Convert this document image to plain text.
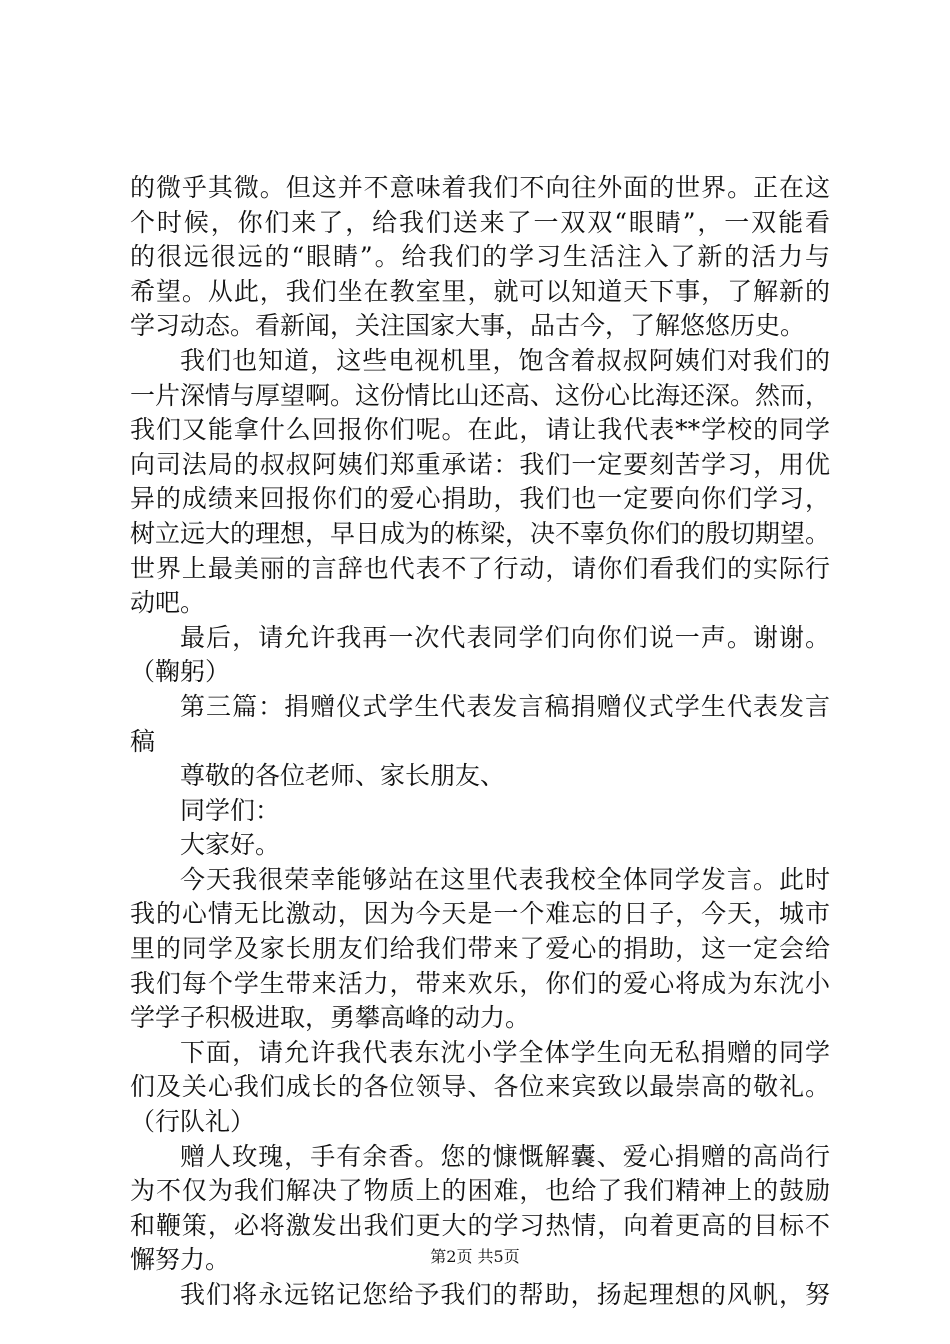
的微乎其微。但这并不意味着我们不向往外面的世界。正在这
个时候，你们来了，给我们送来了一双双“眼睛”，一双能看
的很远很远的“眼睛”。给我们的学习生活注入了新的活力与
希望。从此，我们坐在教室里，就可以知道天下事，了解新的
学习动态。看新闻，关注国家大事，品古今，了解悠悠历史。
我们也知道，这些电视机里，饱含着叔叔阿姨们对我们的
一片深情与厚望啊。这份情比山还高、这份心比海还深。然而，
我们又能拿什么回报你们呢。在此，请让我代表**学校的同学
向司法局的叔叔阿姨们郑重承诺：我们一定要刻苦学习，用优
异的成绩来回报你们的爱心捐助，我们也一定要向你们学习，
树立远大的理想，早日成为的栋梁，决不辜负你们的殷切期望。
世界上最美丽的言辞也代表不了行动，请你们看我们的实际行
动吧。
最后，请允许我再一次代表同学们向你们说一声。谢谢。
（鞠躬）
第三篇：捐赠仪式学生代表发言稿捐赠仪式学生代表发言
稿
尊敬的各位老师、家长朋友、
同学们：
大家好。
今天我很荣幸能够站在这里代表我校全体同学发言。此时
我的心情无比激动，因为今天是一个难忘的日子，今天，城市
里的同学及家长朋友们给我们带来了爱心的捐助，这一定会给
我们每个学生带来活力，带来欢乐，你们的爱心将成为东沈小
学学子积极进取，勇攀高峰的动力。
下面，请允许我代表东沈小学全体学生向无私捐赠的同学
们及关心我们成长的各位领导、各位来宾致以最崇高的敬礼。
（行队礼）
赠人玫瑰，手有余香。您的慷慨解囊、爱心捐赠的高尚行
为不仅为我们解决了物质上的困难，也给了我们精神上的鼓励
和鞭策，必将激发出我们更大的学习热情，向着更高的目标不
懈努力。
我们将永远铭记您给予我们的帮助，扬起理想的风帆，努
第2页 共5页
